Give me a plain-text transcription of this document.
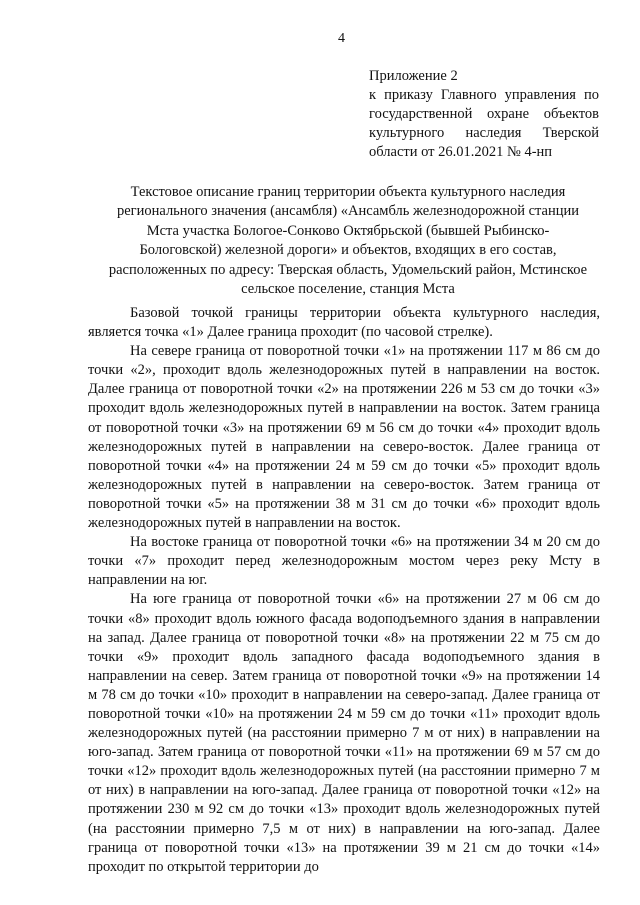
4
Приложение 2
к приказу Главного управления по
государственной охране объектов
культурного наследия Тверской
области от 26.01.2021 № 4-нп
Текстовое описание границ территории объекта культурного наследия
регионального значения (ансамбля) «Ансамбль железнодорожной станции
Мста участка Бологое-Сонково Октябрьской (бывшей Рыбинско-
Бологовской) железной дороги» и объектов, входящих в его состав,
расположенных по адресу: Тверская область, Удомельский район, Мстинское
сельское поселение, станция Мста

Базовой точкой границы территории объекта культурного наследия, является точка «1» Далее граница проходит (по часовой стрелке).

На севере граница от поворотной точки «1» на протяжении 117 м 86 см до точки «2», проходит вдоль железнодорожных путей в направлении на восток. Далее граница от поворотной точки «2» на протяжении 226 м 53 см до точки «3» проходит вдоль железнодорожных путей в направлении на восток. Затем граница от поворотной точки «3» на протяжении 69 м 56 см до точки «4» проходит вдоль железнодорожных путей в направлении на северо-восток. Далее граница от поворотной точки «4» на протяжении 24 м 59 см до точки «5» проходит вдоль железнодорожных путей в направлении на северо-восток. Затем граница от поворотной точки «5» на протяжении 38 м 31 см до точки «6» проходит вдоль железнодорожных путей в направлении на восток.

На востоке граница от поворотной точки «6» на протяжении 34 м 20 см до точки «7» проходит перед железнодорожным мостом через реку Мсту в направлении на юг.

На юге граница от поворотной точки «6» на протяжении 27 м 06 см до точки «8» проходит вдоль южного фасада водоподъемного здания в направлении на запад. Далее граница от поворотной точки «8» на протяжении 22 м 75 см до точки «9» проходит вдоль западного фасада водоподъемного здания в направлении на север. Затем граница от поворотной точки «9» на протяжении 14 м 78 см до точки «10» проходит в направлении на северо-запад. Далее граница от поворотной точки «10» на протяжении 24 м 59 см до точки «11» проходит вдоль железнодорожных путей (на расстоянии примерно 7 м от них) в направлении на юго-запад. Затем граница от поворотной точки «11» на протяжении 69 м 57 см до точки «12» проходит вдоль железнодорожных путей (на расстоянии примерно 7 м от них) в направлении на юго-запад. Далее граница от поворотной точки «12» на протяжении 230 м 92 см до точки «13» проходит вдоль железнодорожных путей (на расстоянии примерно 7,5 м от них) в направлении на юго-запад. Далее граница от поворотной точки «13» на протяжении 39 м 21 см до точки «14» проходит по открытой территории до
